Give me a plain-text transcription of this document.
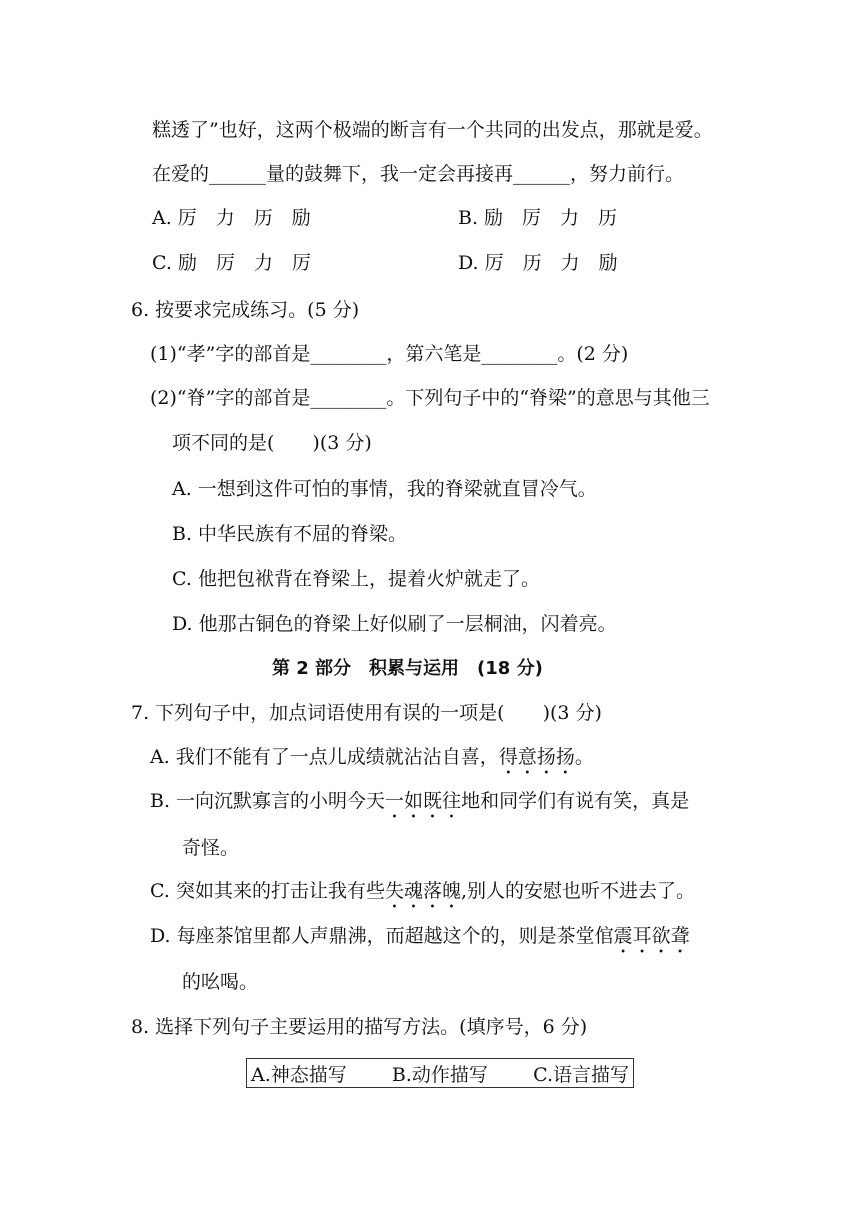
糕透了”也好，这两个极端的断言有一个共同的出发点，那就是爱。
在爱的______量的鼓舞下，我一定会再接再______，努力前行。
A. 厉　力　历　励	B. 励　厉　力　历
C. 励　厉　力　厉	D. 厉　历　力　励
6. 按要求完成练习。(5 分)
(1)“孝”字的部首是________，第六笔是________。(2 分)
(2)“脊”字的部首是________。下列句子中的“脊梁”的意思与其他三
项不同的是(　　)(3 分)
A. 一想到这件可怕的事情，我的脊梁就直冒冷气。
B. 中华民族有不屈的脊梁。
C. 他把包袱背在脊梁上，提着火炉就走了。
D. 他那古铜色的脊梁上好似刷了一层桐油，闪着亮。
第 2 部分　积累与运用　(18 分)
7. 下列句子中，加点词语使用有误的一项是(　　)(3 分)
A. 我们不能有了一点儿成绩就沾沾自喜，得意扬扬。
B. 一向沉默寡言的小明今天一如既往地和同学们有说有笑，真是
奇怪。
C. 突如其来的打击让我有些失魂落魄,别人的安慰也听不进去了。
D. 每座茶馆里都人声鼎沸，而超越这个的，则是茶堂倌震耳欲聋
的吆喝。
8. 选择下列句子主要运用的描写方法。(填序号，6 分)
A.神态描写 B.动作描写 C.语言描写
